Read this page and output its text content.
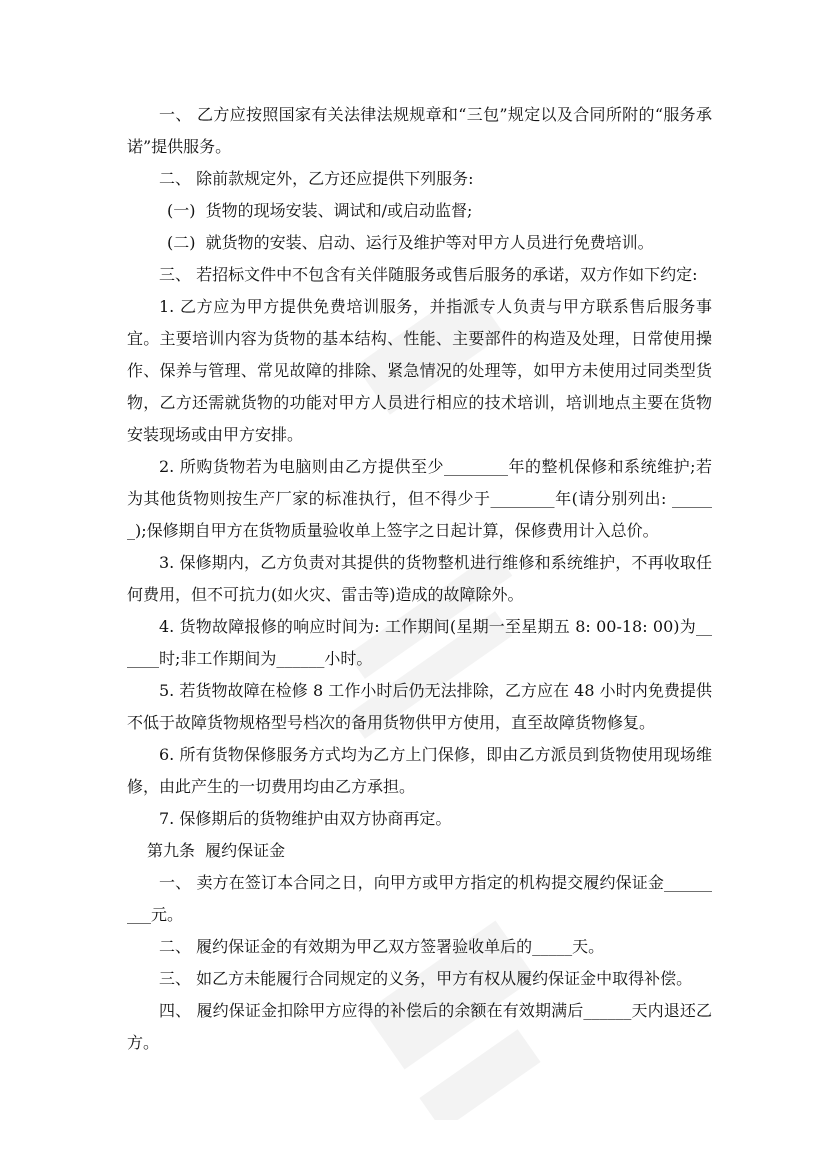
一、 乙方应按照国家有关法律法规规章和“三包”规定以及合同所附的“服务承诺”提供服务。

二、 除前款规定外，乙方还应提供下列服务:

(一)  货物的现场安装、调试和/或启动监督;

(二)  就货物的安装、启动、运行及维护等对甲方人员进行免费培训。

三、 若招标文件中不包含有关伴随服务或售后服务的承诺，双方作如下约定:

1. 乙方应为甲方提供免费培训服务，并指派专人负责与甲方联系售后服务事宜。主要培训内容为货物的基本结构、性能、主要部件的构造及处理，日常使用操作、保养与管理、常见故障的排除、紧急情况的处理等，如甲方未使用过同类型货物，乙方还需就货物的功能对甲方人员进行相应的技术培训，培训地点主要在货物安装现场或由甲方安排。

2. 所购货物若为电脑则由乙方提供至少________年的整机保修和系统维护;若为其他货物则按生产厂家的标准执行，但不得少于________年(请分别列出: ______);保修期自甲方在货物质量验收单上签字之日起计算，保修费用计入总价。

3. 保修期内，乙方负责对其提供的货物整机进行维修和系统维护，不再收取任何费用，但不可抗力(如火灾、雷击等)造成的故障除外。

4. 货物故障报修的响应时间为: 工作期间(星期一至星期五 8: 00-18: 00)为______时;非工作期间为______小时。

5. 若货物故障在检修 8 工作小时后仍无法排除，乙方应在 48 小时内免费提供不低于故障货物规格型号档次的备用货物供甲方使用，直至故障货物修复。

6. 所有货物保修服务方式均为乙方上门保修，即由乙方派员到货物使用现场维修，由此产生的一切费用均由乙方承担。

7. 保修期后的货物维护由双方协商再定。

第九条  履约保证金

一、 卖方在签订本合同之日，向甲方或甲方指定的机构提交履约保证金_________元。

二、 履约保证金的有效期为甲乙双方签署验收单后的_____天。

三、 如乙方未能履行合同规定的义务，甲方有权从履约保证金中取得补偿。

四、 履约保证金扣除甲方应得的补偿后的余额在有效期满后______天内退还乙方。
